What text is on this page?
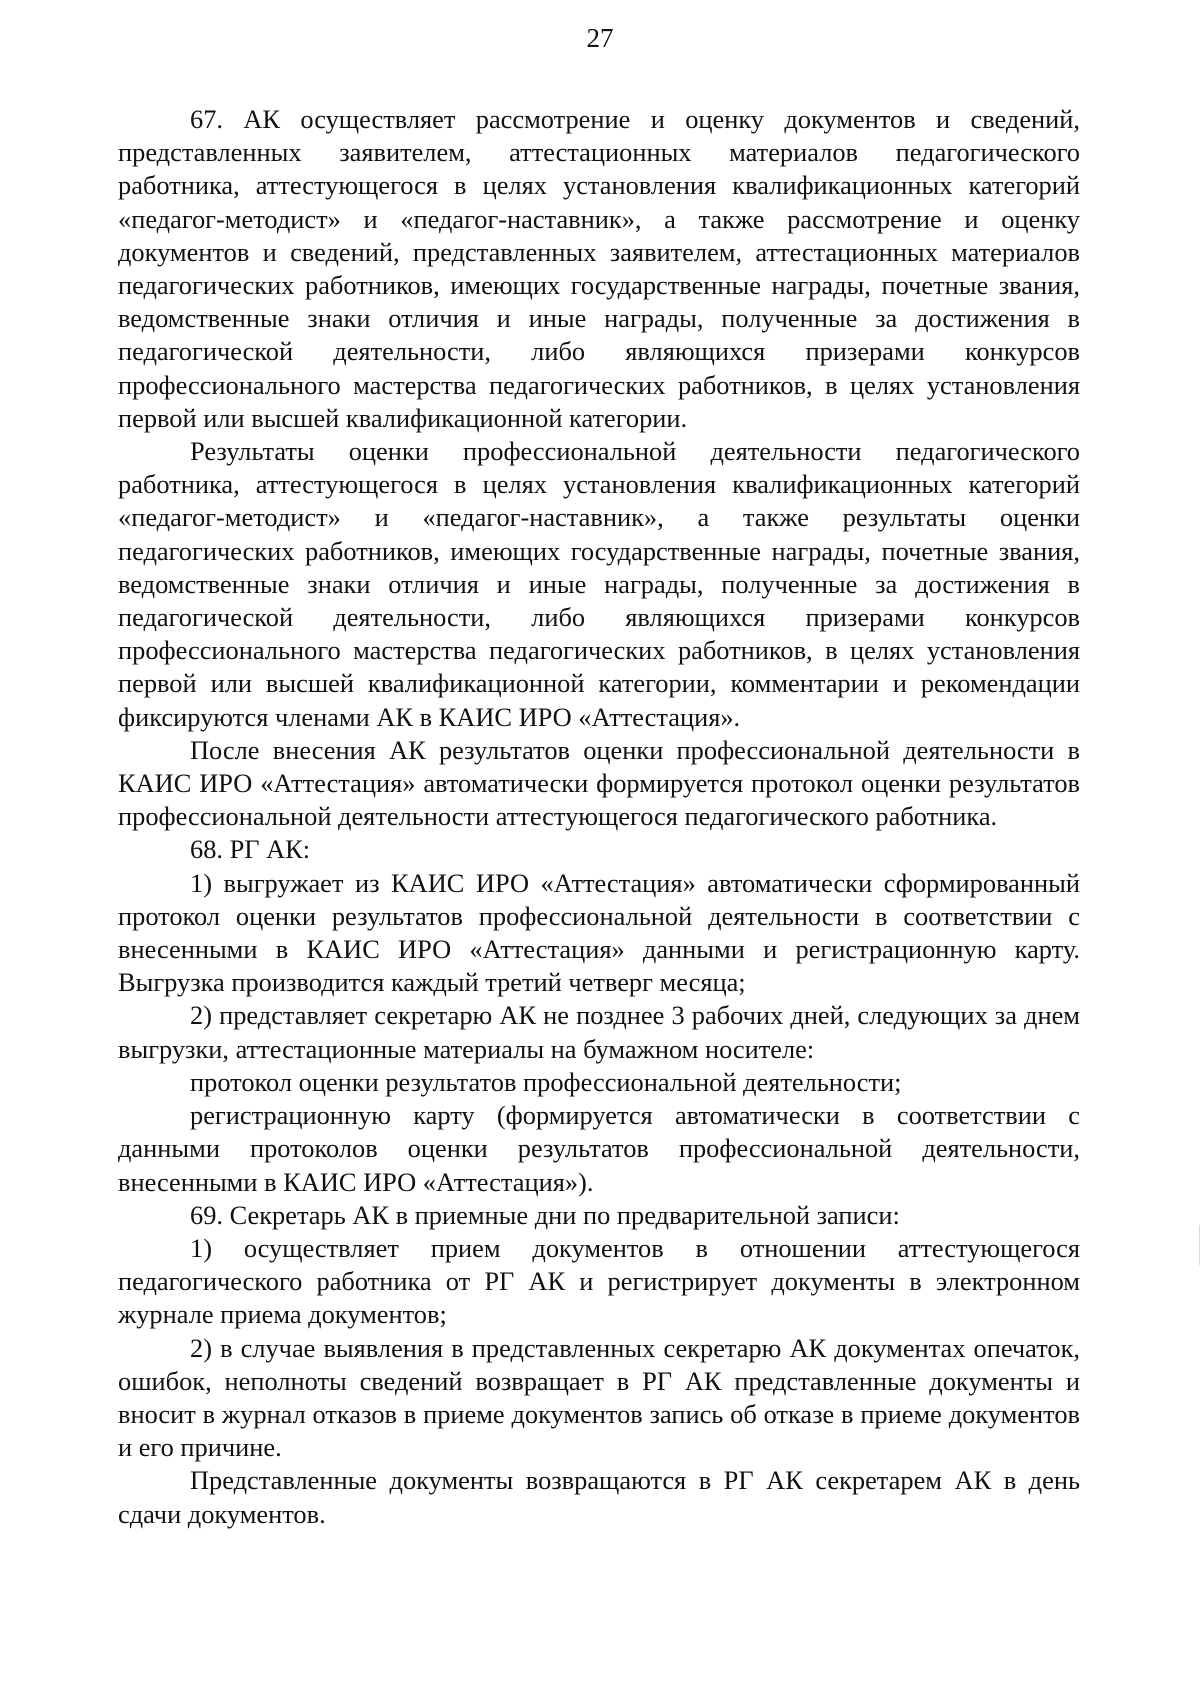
27

67. АК осуществляет рассмотрение и оценку документов и сведений, представленных заявителем, аттестационных материалов педагогического работника, аттестующегося в целях установления квалификационных категорий «педагог-методист» и «педагог-наставник», а также рассмотрение и оценку документов и сведений, представленных заявителем, аттестационных материалов педагогических работников, имеющих государственные награды, почетные звания, ведомственные знаки отличия и иные награды, полученные за достижения в педагогической деятельности, либо являющихся призерами конкурсов профессионального мастерства педагогических работников, в целях установления первой или высшей квалификационной категории.

Результаты оценки профессиональной деятельности педагогического работника, аттестующегося в целях установления квалификационных категорий «педагог-методист» и «педагог-наставник», а также результаты оценки педагогических работников, имеющих государственные награды, почетные звания, ведомственные знаки отличия и иные награды, полученные за достижения в педагогической деятельности, либо являющихся призерами конкурсов профессионального мастерства педагогических работников, в целях установления первой или высшей квалификационной категории, комментарии и рекомендации фиксируются членами АК в КАИС ИРО «Аттестация».

После внесения АК результатов оценки профессиональной деятельности в КАИС ИРО «Аттестация» автоматически формируется протокол оценки результатов профессиональной деятельности аттестующегося педагогического работника.

68. РГ АК:

1) выгружает из КАИС ИРО «Аттестация» автоматически сформированный протокол оценки результатов профессиональной деятельности в соответствии с внесенными в КАИС ИРО «Аттестация» данными и регистрационную карту. Выгрузка производится каждый третий четверг месяца;

2) представляет секретарю АК не позднее 3 рабочих дней, следующих за днем выгрузки, аттестационные материалы на бумажном носителе:

протокол оценки результатов профессиональной деятельности;

регистрационную карту (формируется автоматически в соответствии с данными протоколов оценки результатов профессиональной деятельности, внесенными в КАИС ИРО «Аттестация»).

69. Секретарь АК в приемные дни по предварительной записи:

1) осуществляет прием документов в отношении аттестующегося педагогического работника от РГ АК и регистрирует документы в электронном журнале приема документов;

2) в случае выявления в представленных секретарю АК документах опечаток, ошибок, неполноты сведений возвращает в РГ АК представленные документы и вносит в журнал отказов в приеме документов запись об отказе в приеме документов и его причине.

Представленные документы возвращаются в РГ АК секретарем АК в день сдачи документов.
